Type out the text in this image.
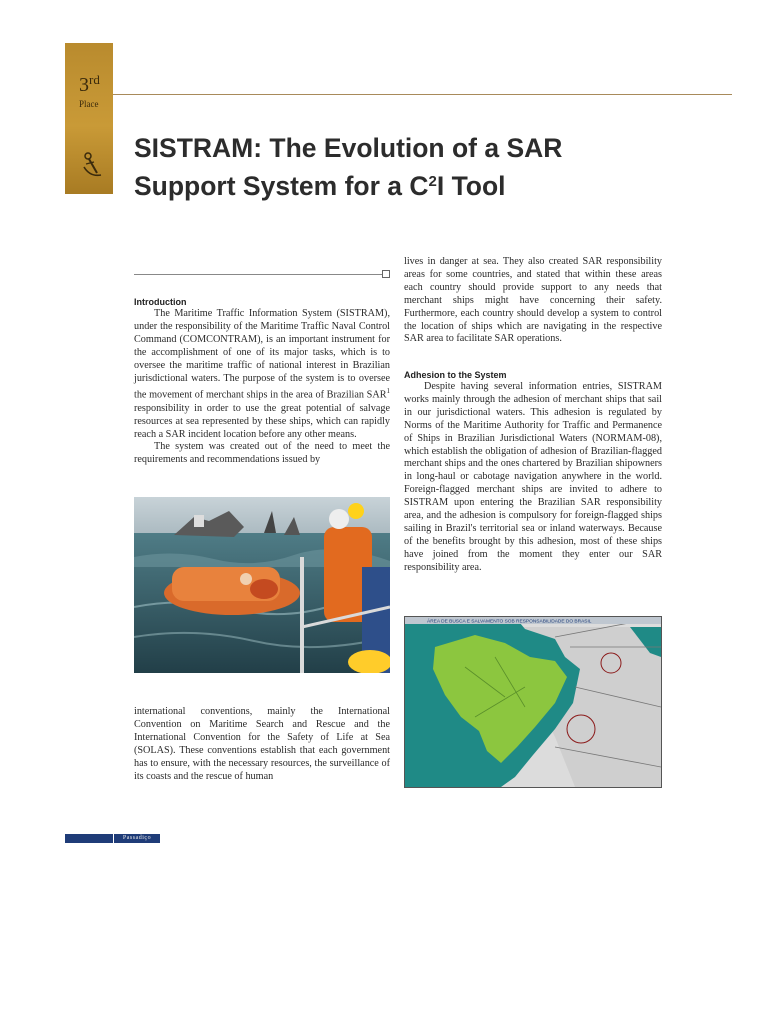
3rd
Place
SISTRAM: The Evolution of a SAR
Support System for a $C^2I$ Tool
Introduction

The Maritime Traffic Information System (SISTRAM), under the responsibility of the Maritime Traffic Naval Control Command (COMCONTRAM), is an important instrument for the accomplishment of one of its major tasks, which is to oversee the maritime traffic of national interest in Brazilian jurisdictional waters. The purpose of the system is to oversee the movement of merchant ships in the area of Brazilian SAR$^1$ responsibility in order to use the great potential of salvage resources at sea represented by these ships, which can rapidly reach a SAR incident location before any other means.

The system was created out of the need to meet the requirements and recommendations issued by

international conventions, mainly the International Convention on Maritime Search and Rescue and the International Convention for the Safety of Life at Sea (SOLAS). These conventions establish that each government has to ensure, with the necessary resources, the surveillance of its coasts and the rescue of human

lives in danger at sea. They also created SAR responsibility areas for some countries, and stated that within these areas each country should provide support to any needs that merchant ships might have concerning their safety. Furthermore, each country should develop a system to control the location of ships which are navigating in the respective SAR area to facilitate SAR operations.

Adhesion to the System

Despite having several information entries, SISTRAM works mainly through the adhesion of merchant ships that sail in our jurisdictional waters. This adhesion is regulated by Norms of the Maritime Authority for Traffic and Permanence of Ships in Brazilian Jurisdictional Waters (NORMAM-08), which establish the obligation of adhesion of Brazilian-flagged merchant ships and the ones chartered by Brazilian shipowners in long-haul or cabotage navigation anywhere in the world. Foreign-flagged merchant ships are invited to adhere to SISTRAM upon entering the Brazilian SAR responsibility area, and the adhesion is compulsory for foreign-flagged ships sailing in Brazil's territorial sea or inland waterways. Because of the benefits brought by this adhesion, most of these ships have joined from the moment they enter our SAR responsibility area.

ÁREA DE BUSCA E SALVAMENTO SOB RESPONSABILIDADE DO BRASIL
Passadiço
